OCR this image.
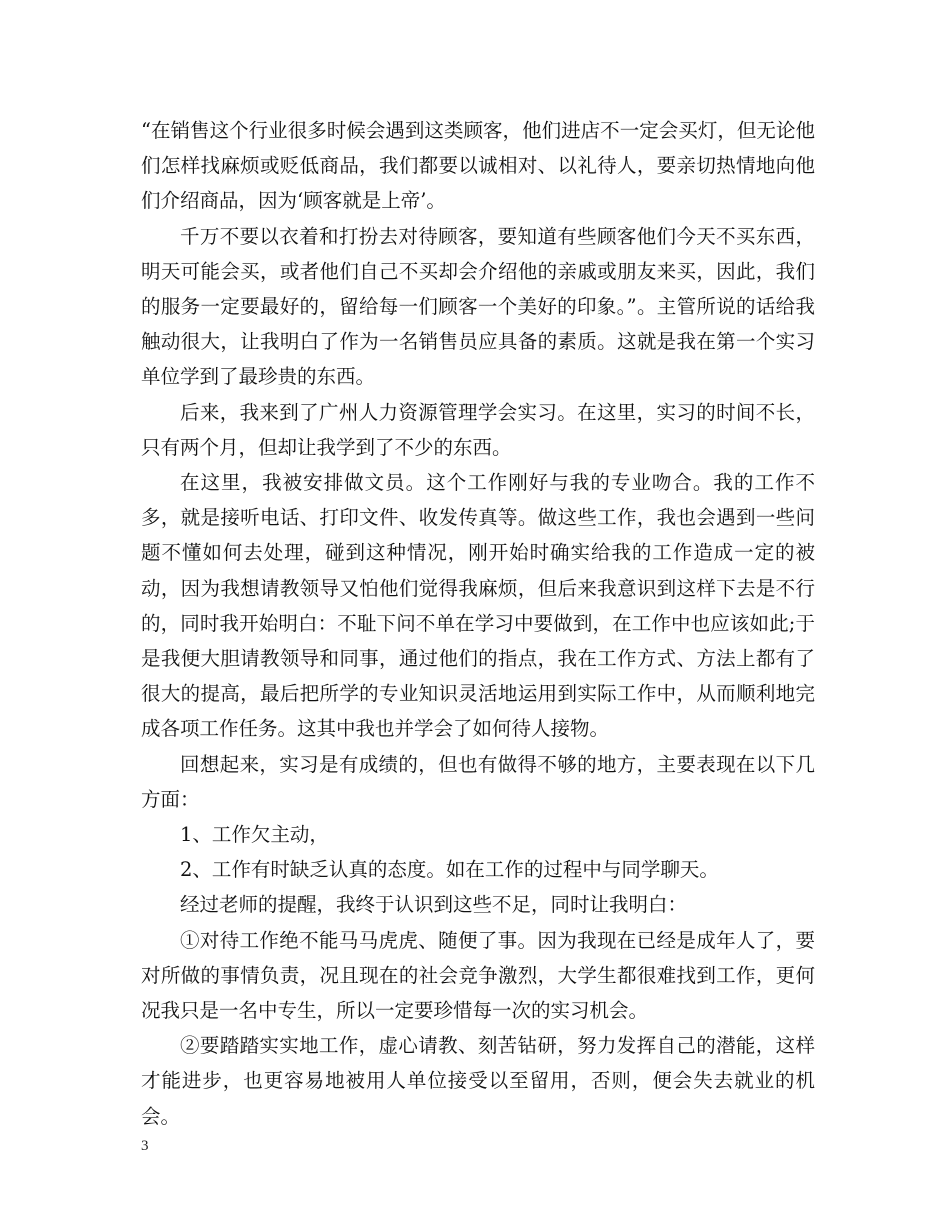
“在销售这个行业很多时候会遇到这类顾客，他们进店不一定会买灯，但无论他们怎样找麻烦或贬低商品，我们都要以诚相对、以礼待人，要亲切热情地向他们介绍商品，因为‘顾客就是上帝’。

千万不要以衣着和打扮去对待顾客，要知道有些顾客他们今天不买东西，明天可能会买，或者他们自己不买却会介绍他的亲戚或朋友来买，因此，我们的服务一定要最好的，留给每一们顾客一个美好的印象。”。主管所说的话给我触动很大，让我明白了作为一名销售员应具备的素质。这就是我在第一个实习单位学到了最珍贵的东西。

后来，我来到了广州人力资源管理学会实习。在这里，实习的时间不长，只有两个月，但却让我学到了不少的东西。

在这里，我被安排做文员。这个工作刚好与我的专业吻合。我的工作不多，就是接听电话、打印文件、收发传真等。做这些工作，我也会遇到一些问题不懂如何去处理，碰到这种情况，刚开始时确实给我的工作造成一定的被动，因为我想请教领导又怕他们觉得我麻烦，但后来我意识到这样下去是不行的，同时我开始明白：不耻下问不单在学习中要做到，在工作中也应该如此;于是我便大胆请教领导和同事，通过他们的指点，我在工作方式、方法上都有了很大的提高，最后把所学的专业知识灵活地运用到实际工作中，从而顺利地完成各项工作任务。这其中我也并学会了如何待人接物。

回想起来，实习是有成绩的，但也有做得不够的地方，主要表现在以下几方面：

1、工作欠主动，

2、工作有时缺乏认真的态度。如在工作的过程中与同学聊天。

经过老师的提醒，我终于认识到这些不足，同时让我明白：

①对待工作绝不能马马虎虎、随便了事。因为我现在已经是成年人了，要对所做的事情负责，况且现在的社会竞争激烈，大学生都很难找到工作，更何况我只是一名中专生，所以一定要珍惜每一次的实习机会。

②要踏踏实实地工作，虚心请教、刻苦钻研，努力发挥自己的潜能，这样才能进步，也更容易地被用人单位接受以至留用，否则，便会失去就业的机会。

3
